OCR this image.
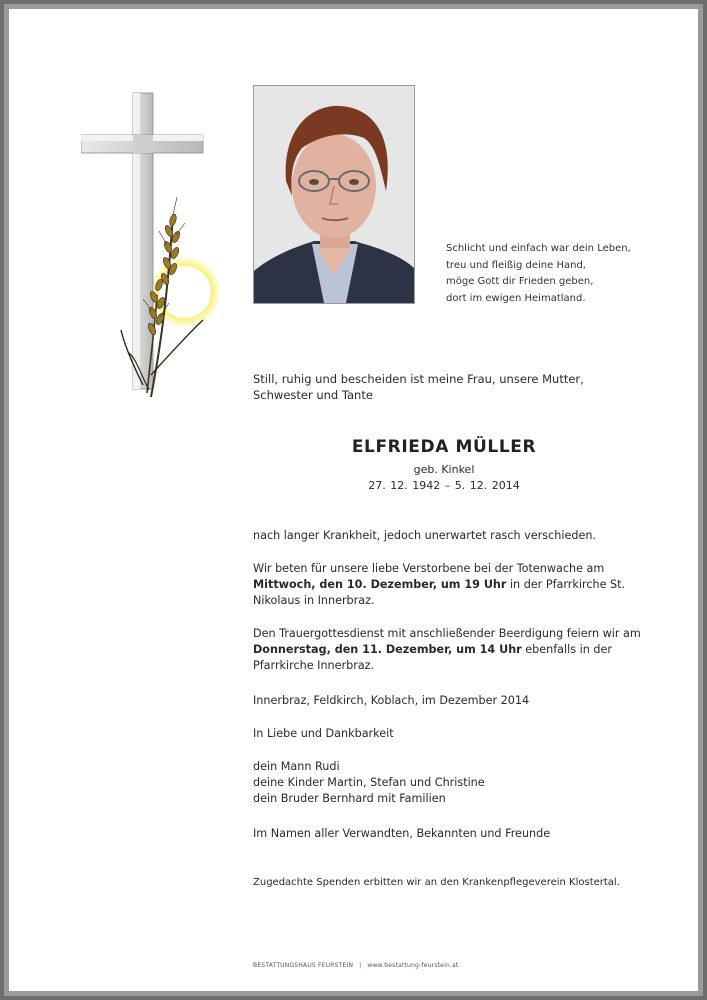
Schlicht und einfach war dein Leben,
treu und fleißig deine Hand,
möge Gott dir Frieden geben,
dort im ewigen Heimatland.
Still, ruhig und bescheiden ist meine Frau, unsere Mutter, Schwester und Tante
ELFRIEDA MÜLLER
geb. Kinkel
27. 12. 1942 – 5. 12. 2014
nach langer Krankheit, jedoch unerwartet rasch verschieden.
Wir beten für unsere liebe Verstorbene bei der Totenwache am
Mittwoch, den 10. Dezember, um 19 Uhr in der Pfarrkirche St. Nikolaus in Innerbraz.
Den Trauergottesdienst mit anschließender Beerdigung feiern wir am
Donnerstag, den 11. Dezember, um 14 Uhr ebenfalls in der Pfarrkirche Innerbraz.
Innerbraz, Feldkirch, Koblach, im Dezember 2014
In Liebe und Dankbarkeit
dein Mann Rudi
deine Kinder Martin, Stefan und Christine
dein Bruder Bernhard mit Familien
Im Namen aller Verwandten, Bekannten und Freunde
Zugedachte Spenden erbitten wir an den Krankenpflegeverein Klostertal.
BESTATTUNGSHAUS FEURSTEIN | www.bestattung-feurstein.at
